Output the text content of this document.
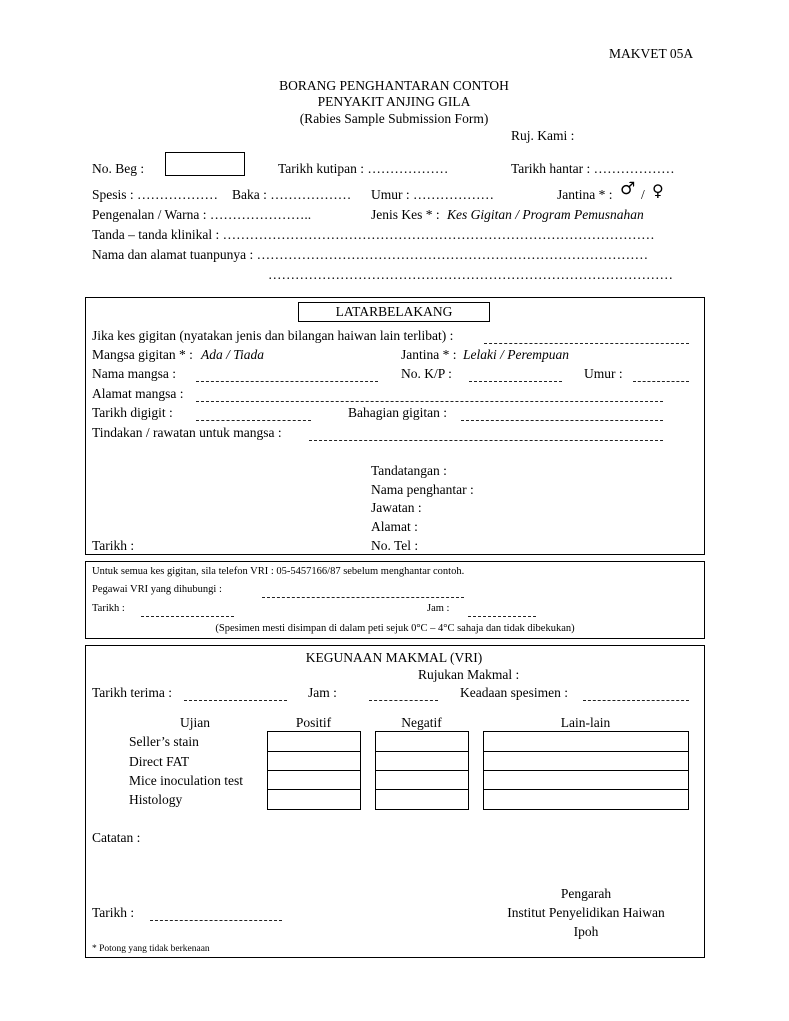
MAKVET 05A
BORANG PENGHANTARAN CONTOH
PENYAKIT ANJING GILA
(Rabies Sample Submission Form)
Ruj. Kami :
No. Beg :	Tarikh kutipan : ………………	Tarikh hantar : ………………
Spesis : ……………… Baka : ……………… Umur : ………………	Jantina * : ♂ / ♀
Pengenalan / Warna : …………………..	Jenis Kes * : Kes Gigitan / Program Pemusnahan
Tanda – tanda klinikal : ……………………………………………………………………………………
Nama dan alamat tuanpunya : ……………………………………………………………………………
………………………………………………………………………………
LATARBELAKANG
Jika kes gigitan (nyatakan jenis dan bilangan haiwan lain terlibat) :
Mangsa gigitan * : Ada / Tiada	Jantina * : Lelaki / Perempuan
Nama mangsa :	No. K/P :	Umur :
Alamat mangsa :
Tarikh digigit :	Bahagian gigitan :
Tindakan / rawatan untuk mangsa :
Tandatangan :
Nama penghantar :
Jawatan :
Alamat :
Tarikh :	No. Tel :
Untuk semua kes gigitan, sila telefon VRI : 05-5457166/87 sebelum menghantar contoh.
Pegawai VRI yang dihubungi :
Tarikh :	Jam :
(Spesimen mesti disimpan di dalam peti sejuk 0°C – 4°C sahaja dan tidak dibekukan)
KEGUNAAN MAKMAL (VRI)
Rujukan Makmal :
Tarikh terima :	Jam :	Keadaan spesimen :
Ujian	Positif	Negatif	Lain-lain
Seller’s stain
Direct FAT
Mice inoculation test
Histology
Catatan :
Pengarah
Institut Penyelidikan Haiwan
Ipoh
Tarikh :
* Potong yang tidak berkenaan
